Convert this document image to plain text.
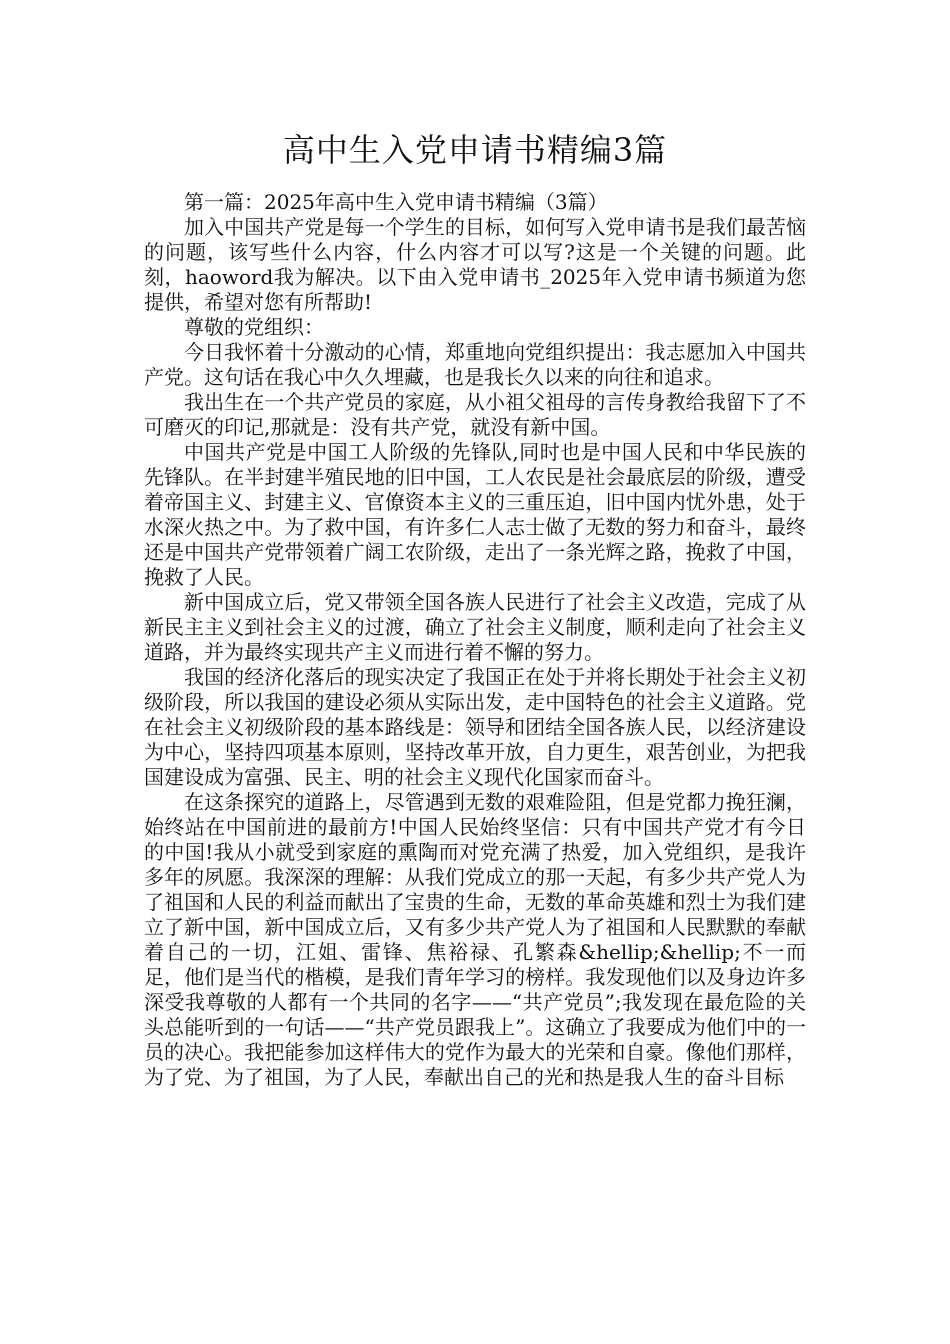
高中生入党申请书精编3篇

第一篇：2025年高中生入党申请书精编（3篇）

加入中国共产党是每一个学生的目标，如何写入党申请书是我们最苦恼的问题，该写些什么内容，什么内容才可以写?这是一个关键的问题。此刻，haoword我为解决。以下由入党申请书_2025年入党申请书频道为您提供，希望对您有所帮助!

尊敬的党组织：

今日我怀着十分激动的心情，郑重地向党组织提出：我志愿加入中国共产党。这句话在我心中久久埋藏，也是我长久以来的向往和追求。

我出生在一个共产党员的家庭，从小祖父祖母的言传身教给我留下了不可磨灭的印记,那就是：没有共产党，就没有新中国。

中国共产党是中国工人阶级的先锋队,同时也是中国人民和中华民族的先锋队。在半封建半殖民地的旧中国，工人农民是社会最底层的阶级，遭受着帝国主义、封建主义、官僚资本主义的三重压迫，旧中国内忧外患，处于水深火热之中。为了救中国，有许多仁人志士做了无数的努力和奋斗，最终还是中国共产党带领着广阔工农阶级，走出了一条光辉之路，挽救了中国，挽救了人民。

新中国成立后，党又带领全国各族人民进行了社会主义改造，完成了从新民主主义到社会主义的过渡，确立了社会主义制度，顺利走向了社会主义道路，并为最终实现共产主义而进行着不懈的努力。

我国的经济化落后的现实决定了我国正在处于并将长期处于社会主义初级阶段，所以我国的建设必须从实际出发，走中国特色的社会主义道路。党在社会主义初级阶段的基本路线是：领导和团结全国各族人民，以经济建设为中心，坚持四项基本原则，坚持改革开放，自力更生，艰苦创业，为把我国建设成为富强、民主、明的社会主义现代化国家而奋斗。

在这条探究的道路上，尽管遇到无数的艰难险阻，但是党都力挽狂澜，始终站在中国前进的最前方!中国人民始终坚信：只有中国共产党才有今日的中国!我从小就受到家庭的熏陶而对党充满了热爱，加入党组织，是我许多年的夙愿。我深深的理解：从我们党成立的那一天起，有多少共产党人为了祖国和人民的利益而献出了宝贵的生命，无数的革命英雄和烈士为我们建立了新中国，新中国成立后，又有多少共产党人为了祖国和人民默默的奉献着自己的一切，江姐、雷锋、焦裕禄、孔繁森&hellip;&hellip;不一而足，他们是当代的楷模，是我们青年学习的榜样。我发现他们以及身边许多深受我尊敬的人都有一个共同的名字——“共产党员”;我发现在最危险的关头总能听到的一句话——“共产党员跟我上”。这确立了我要成为他们中的一员的决心。我把能参加这样伟大的党作为最大的光荣和自豪。像他们那样，为了党、为了祖国，为了人民，奉献出自己的光和热是我人生的奋斗目标
